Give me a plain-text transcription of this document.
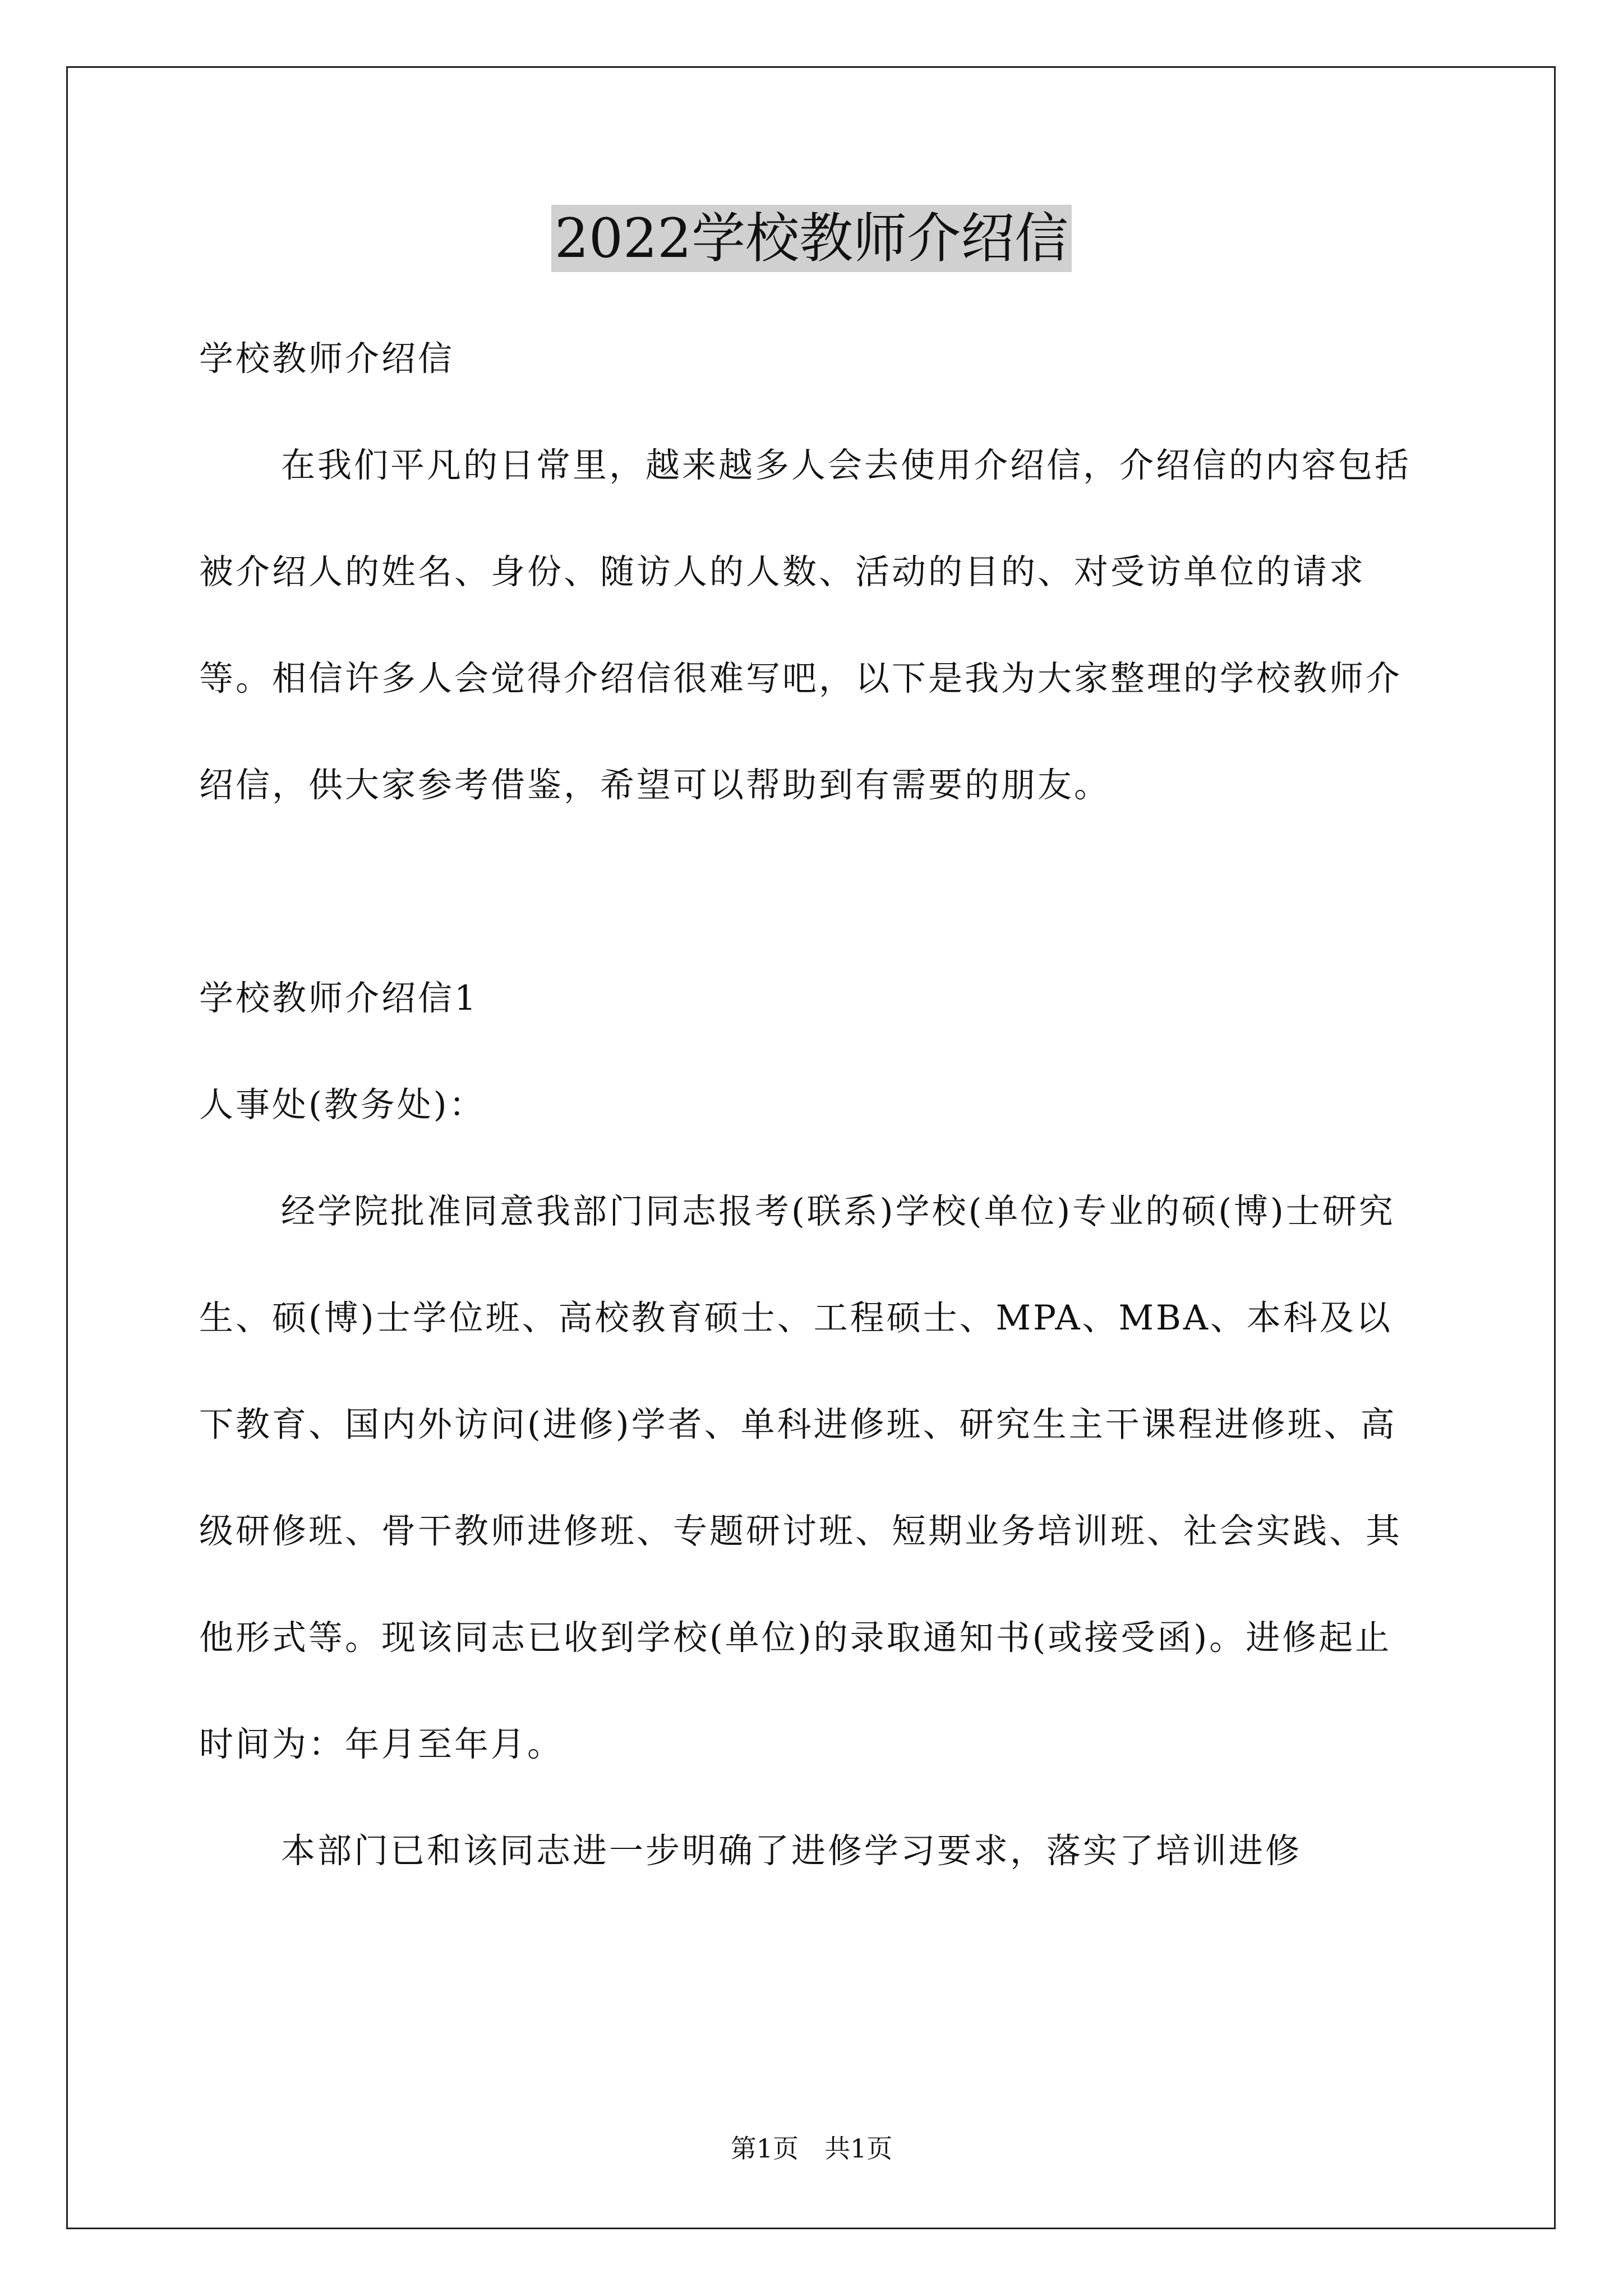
2022学校教师介绍信

学校教师介绍信

在我们平凡的日常里，越来越多人会去使用介绍信，介绍信的内容包括被介绍人的姓名、身份、随访人的人数、活动的目的、对受访单位的请求等。相信许多人会觉得介绍信很难写吧，以下是我为大家整理的学校教师介绍信，供大家参考借鉴，希望可以帮助到有需要的朋友。

学校教师介绍信1

人事处(教务处)：

经学院批准同意我部门同志报考(联系)学校(单位)专业的硕(博)士研究生、硕(博)士学位班、高校教育硕士、工程硕士、MPA、MBA、本科及以下教育、国内外访问(进修)学者、单科进修班、研究生主干课程进修班、高级研修班、骨干教师进修班、专题研讨班、短期业务培训班、社会实践、其他形式等。现该同志已收到学校(单位)的录取通知书(或接受函)。进修起止时间为：年月至年月。

本部门已和该同志进一步明确了进修学习要求，落实了培训进修

第1页　共1页
